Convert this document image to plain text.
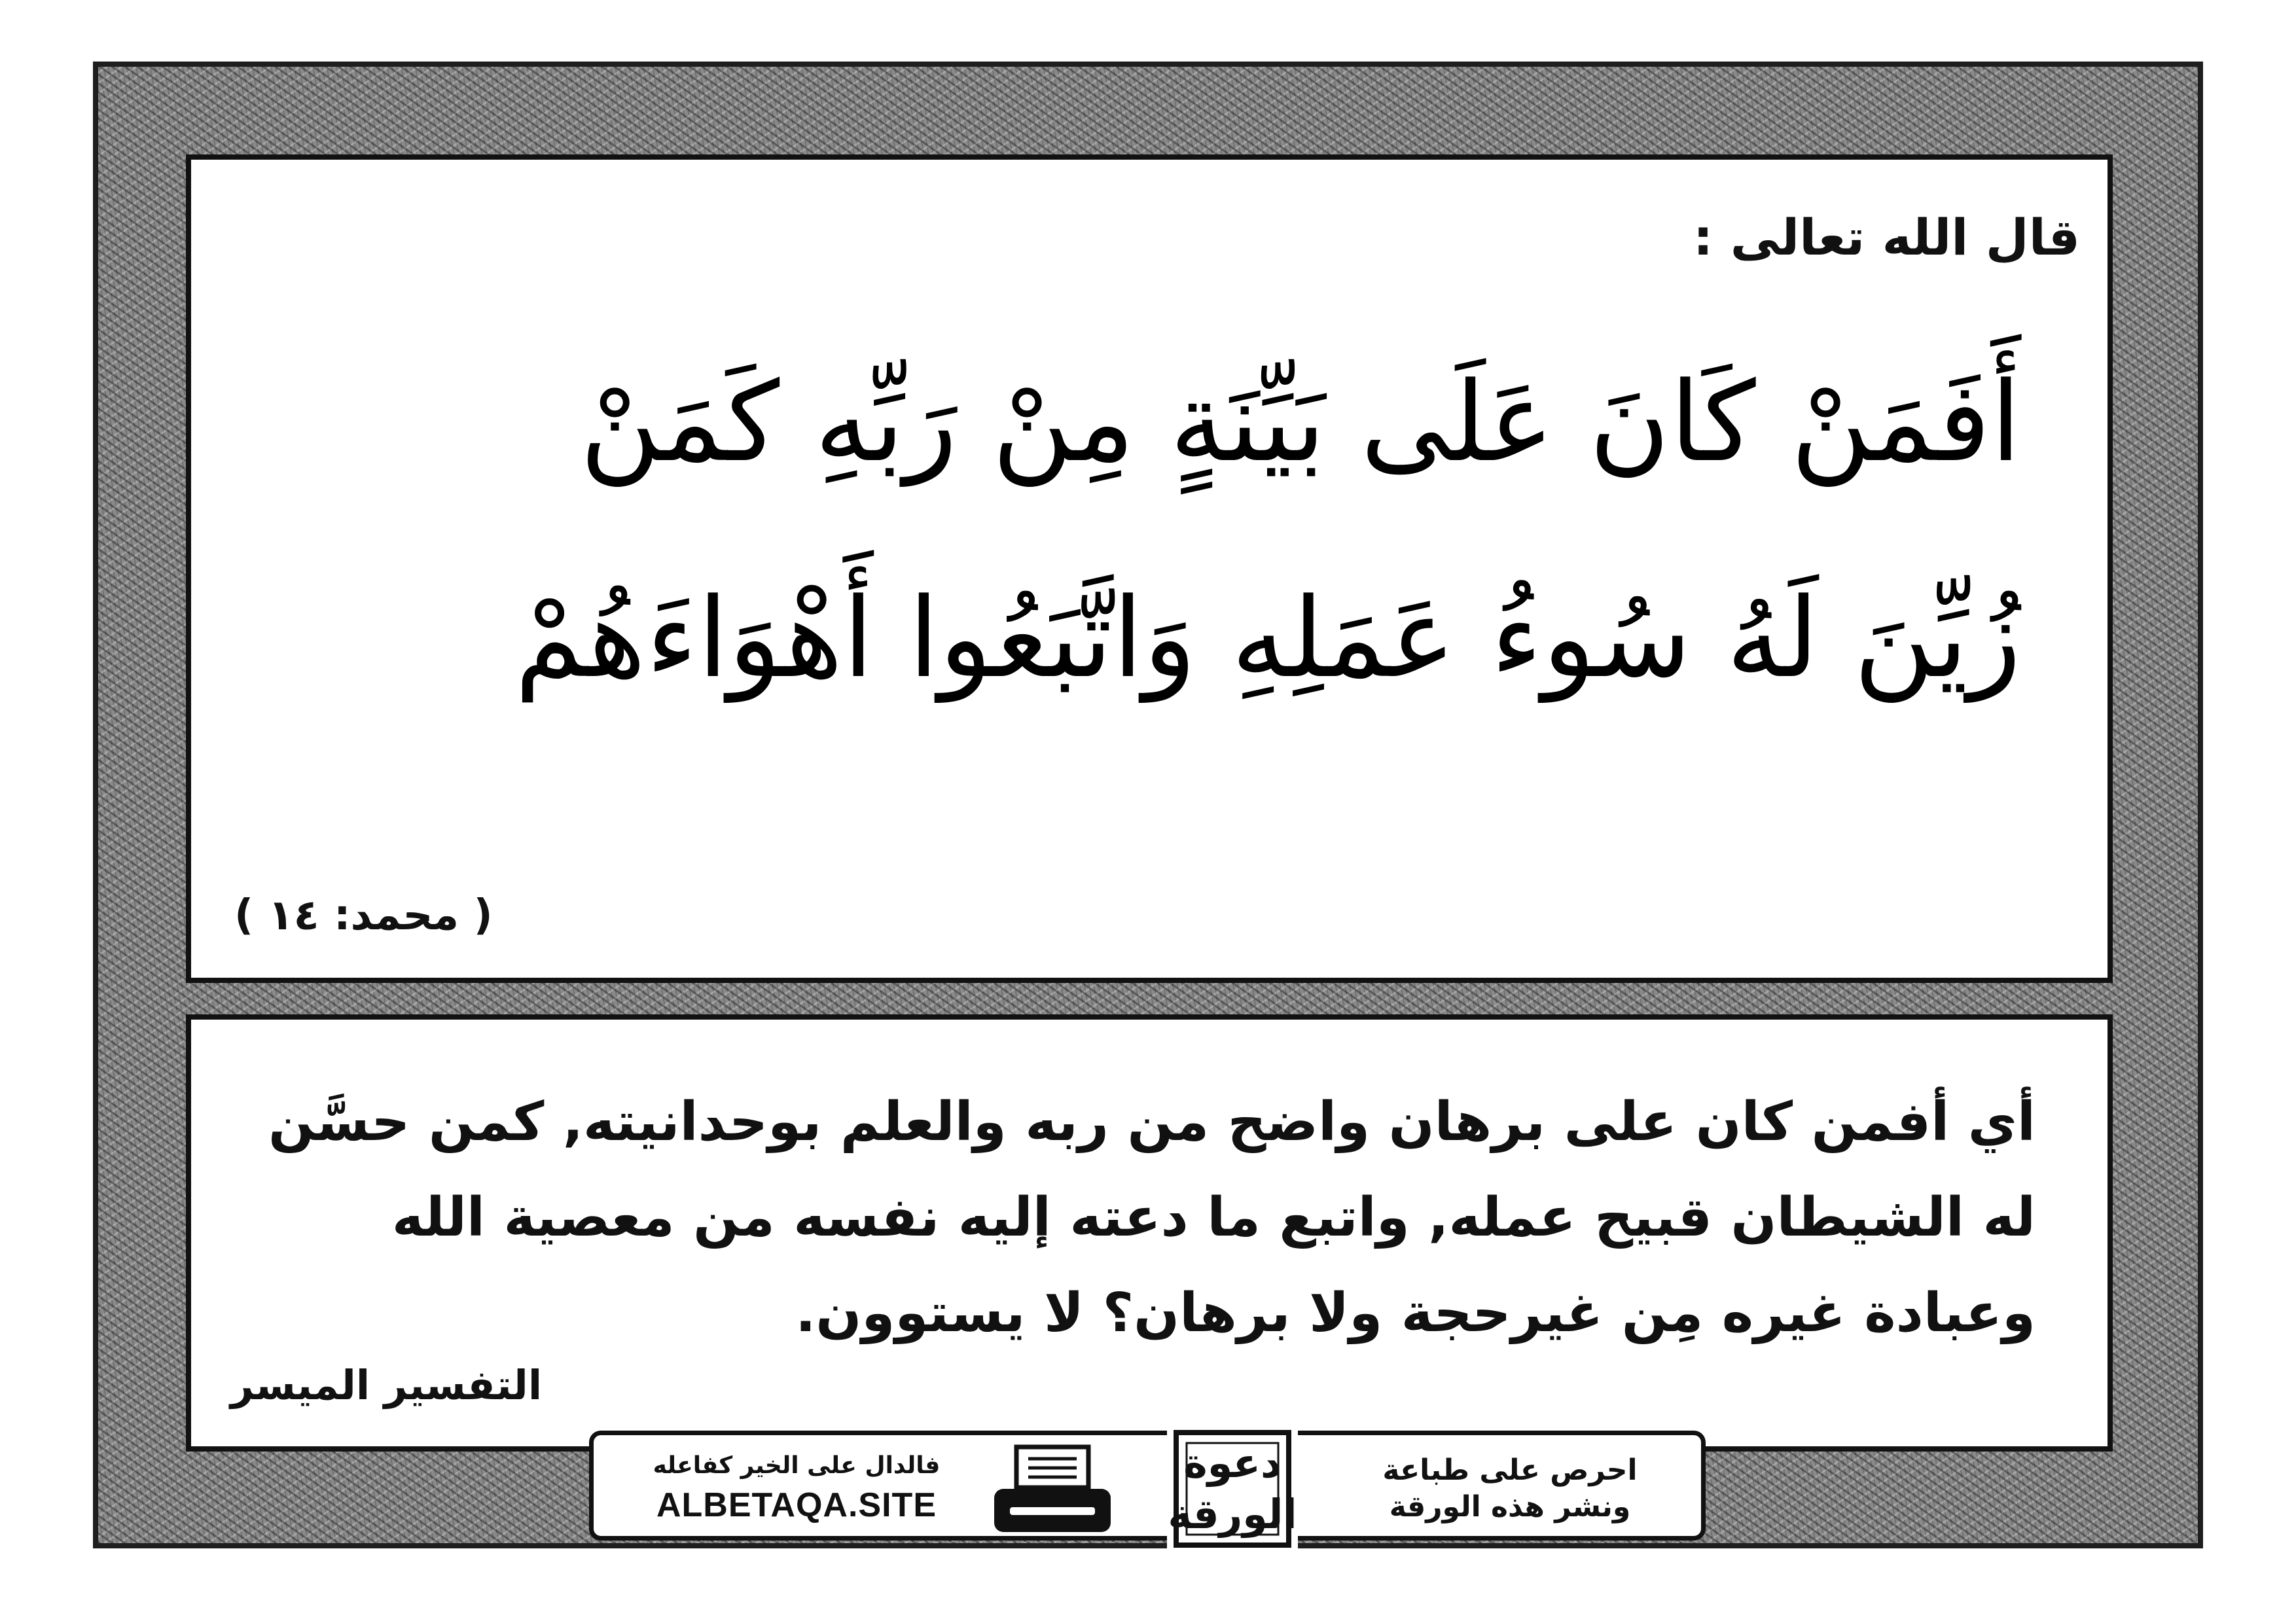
قال الله تعالى :
أَفَمَنْ كَانَ عَلَى بَيِّنَةٍ مِنْ رَبِّهِ كَمَنْ
زُيِّنَ لَهُ سُوءُ عَمَلِهِ وَاتَّبَعُوا أَهْوَاءَهُمْ
( محمد: ١٤ )
أي أفمن كان على برهان واضح من ربه والعلم بوحدانيته, كمن حسَّن
له الشيطان قبيح عمله, واتبع ما دعته إليه نفسه من معصية الله
وعبادة غيره مِن غيرحجة ولا برهان؟ لا يستوون.
التفسير الميسر
فالدال على الخير كفاعله
ALBETAQA.SITE
دعوة
الورقة
احرص على طباعة
ونشر هذه الورقة
